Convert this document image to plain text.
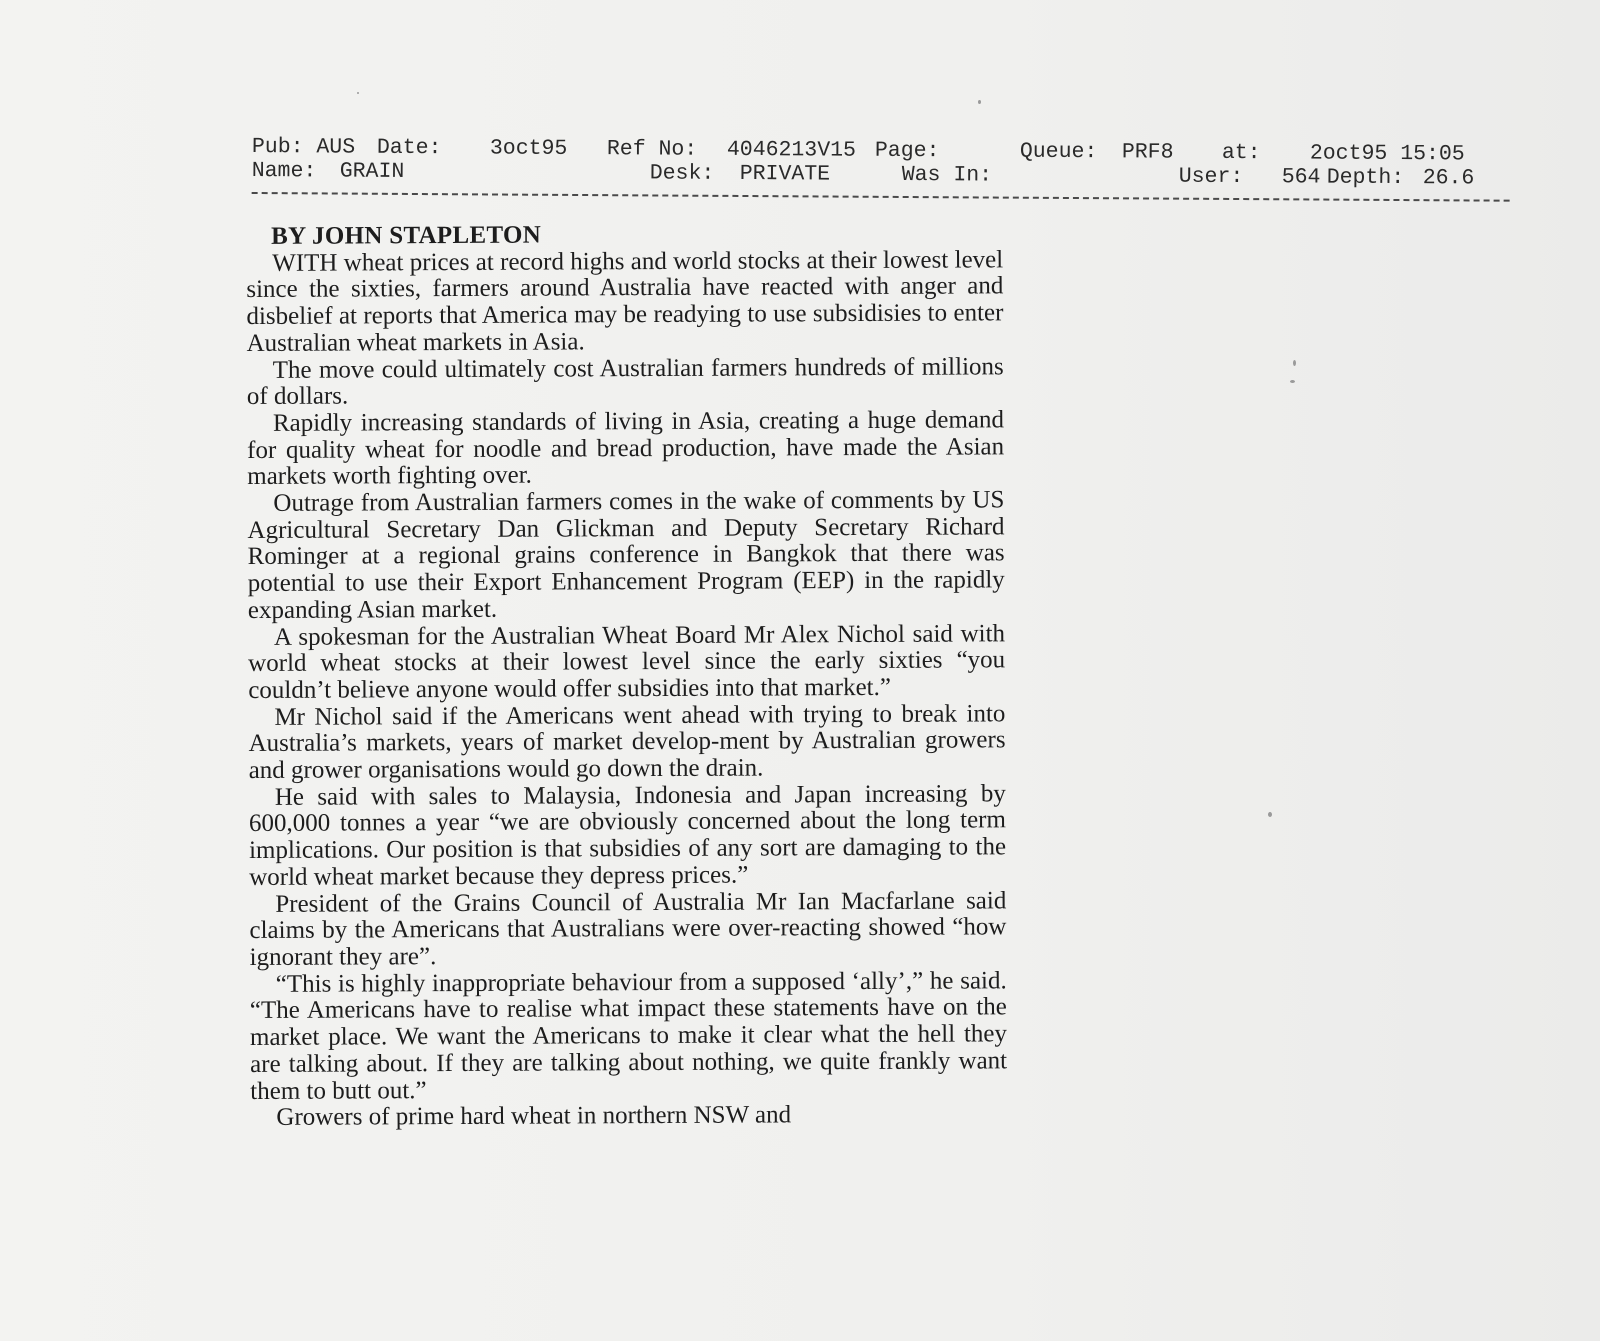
Pub: AUS Date: 3oct95 Ref No: 4046213V15 Page:	Queue: PRF8 at: 2oct95 15:05
Name: GRAIN	Desk: PRIVATE	Was In:	User: 564 Depth: 26.6

BY JOHN STAPLETON

WITH wheat prices at record highs and world stocks at their lowest level since the sixties, farmers around Australia have reacted with anger and disbelief at reports that America may be readying to use subsidisies to enter Australian wheat markets in Asia.

The move could ultimately cost Australian farmers hundreds of millions of dollars.

Rapidly increasing standards of living in Asia, creating a huge demand for quality wheat for noodle and bread production, have made the Asian markets worth fighting over.

Outrage from Australian farmers comes in the wake of comments by US Agricultural Secretary Dan Glickman and Deputy Secretary Richard Rominger at a regional grains conference in Bangkok that there was potential to use their Export Enhancement Program (EEP) in the rapidly expanding Asian market.

A spokesman for the Australian Wheat Board Mr Alex Nichol said with world wheat stocks at their lowest level since the early sixties “you couldn’t believe anyone would offer subsidies into that market.”

Mr Nichol said if the Americans went ahead with trying to break into Australia’s markets, years of market develop-ment by Australian growers and grower organisations would go down the drain.

He said with sales to Malaysia, Indonesia and Japan increasing by 600,000 tonnes a year “we are obviously concerned about the long term implications. Our position is that subsidies of any sort are damaging to the world wheat market because they depress prices.”

President of the Grains Council of Australia Mr Ian Macfarlane said claims by the Americans that Australians were over-reacting showed “how ignorant they are”.

“This is highly inappropriate behaviour from a supposed ‘ally’,” he said. “The Americans have to realise what impact these statements have on the market place. We want the Americans to make it clear what the hell they are talking about. If they are talking about nothing, we quite frankly want them to butt out.”

Growers of prime hard wheat in northern NSW and
